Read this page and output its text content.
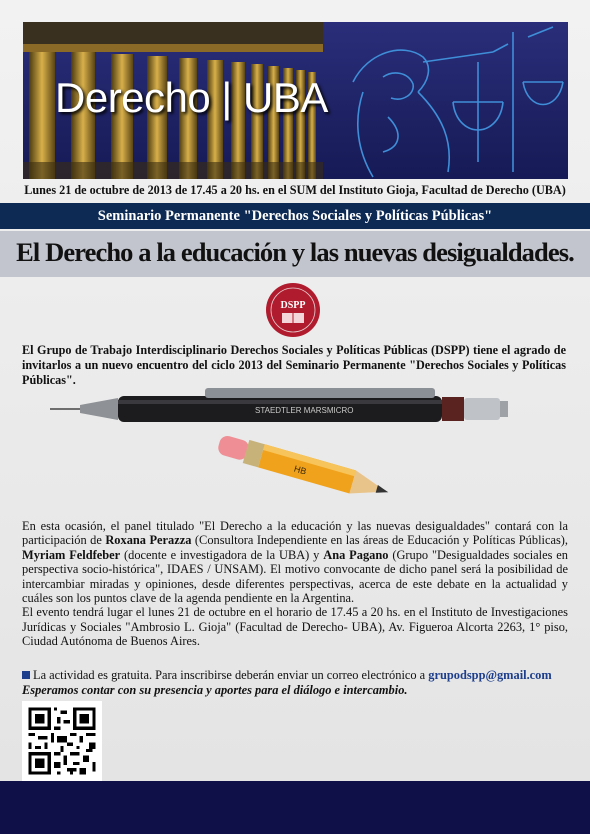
Derecho | UBA
Lunes 21 de octubre de 2013 de 17.45 a 20 hs. en el SUM del Instituto Gioja, Facultad de Derecho (UBA)
Seminario Permanente "Derechos Sociales y Políticas Públicas"
El Derecho a la educación y las nuevas desigualdades.
DSPP
El Grupo de Trabajo Interdisciplinario Derechos Sociales y Políticas Públicas (DSPP) tiene el agrado de invitarlos a un nuevo encuentro del ciclo 2013 del Seminario Permanente "Derechos Sociales y Políticas Públicas".
STAEDTLER MARSMICRO
HB

En esta ocasión, el panel titulado "El Derecho a la educación y las nuevas desigualdades" contará con la participación de Roxana Perazza (Consultora Independiente en las áreas de Educación y Políticas Públicas), Myriam Feldfeber (docente e investigadora de la UBA) y Ana Pagano (Grupo "Desigualdades sociales en perspectiva socio-histórica", IDAES / UNSAM). El motivo convocante de dicho panel será la posibilidad de intercambiar miradas y opiniones, desde diferentes perspectivas, acerca de este debate en la actualidad y cuáles son los puntos clave de la agenda pendiente en la Argentina.

El evento tendrá lugar el lunes 21 de octubre en el horario de 17.45 a 20 hs. en el Instituto de Investigaciones Jurídicas y Sociales "Ambrosio L. Gioja" (Facultad de Derecho- UBA), Av. Figueroa Alcorta 2263, 1° piso, Ciudad Autónoma de Buenos Aires.

La actividad es gratuita. Para inscribirse deberán enviar un correo electrónico a grupodspp@gmail.com
Esperamos contar con su presencia y aportes para el diálogo e intercambio.
